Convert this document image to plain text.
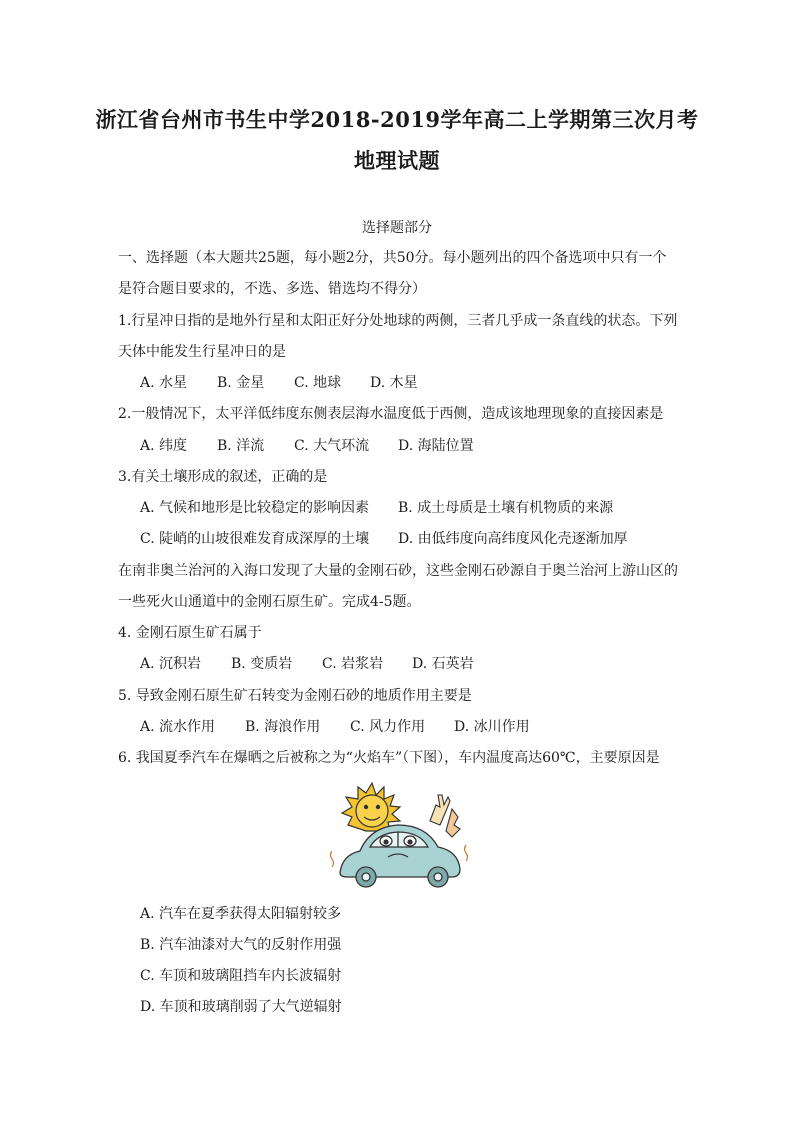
浙江省台州市书生中学2018-2019学年高二上学期第三次月考
地理试题
选择题部分
一、选择题（本大题共25题，每小题2分，共50分。每小题列出的四个备选项中只有一个
是符合题目要求的，不选、多选、错选均不得分）
1.行星冲日指的是地外行星和太阳正好分处地球的两侧，三者几乎成一条直线的状态。下列
天体中能发生行星冲日的是
A. 水星 B. 金星 C. 地球 D. 木星
2.一般情况下，太平洋低纬度东侧表层海水温度低于西侧，造成该地理现象的直接因素是
A. 纬度 B. 洋流 C. 大气环流 D. 海陆位置
3.有关土壤形成的叙述，正确的是
A. 气候和地形是比较稳定的影响因素 B. 成土母质是土壤有机物质的来源
C. 陡峭的山坡很难发育成深厚的土壤 D. 由低纬度向高纬度风化壳逐渐加厚
在南非奥兰治河的入海口发现了大量的金刚石砂，这些金刚石砂源自于奥兰治河上游山区的
一些死火山通道中的金刚石原生矿。完成4-5题。
4. 金刚石原生矿石属于
A. 沉积岩 B. 变质岩 C. 岩浆岩 D. 石英岩
5. 导致金刚石原生矿石转变为金刚石砂的地质作用主要是
A. 流水作用 B. 海浪作用 C. 风力作用 D. 冰川作用
6. 我国夏季汽车在爆晒之后被称之为“火焰车”（下图），车内温度高达60℃，主要原因是
A. 汽车在夏季获得太阳辐射较多
B. 汽车油漆对大气的反射作用强
C. 车顶和玻璃阻挡车内长波辐射
D. 车顶和玻璃削弱了大气逆辐射
